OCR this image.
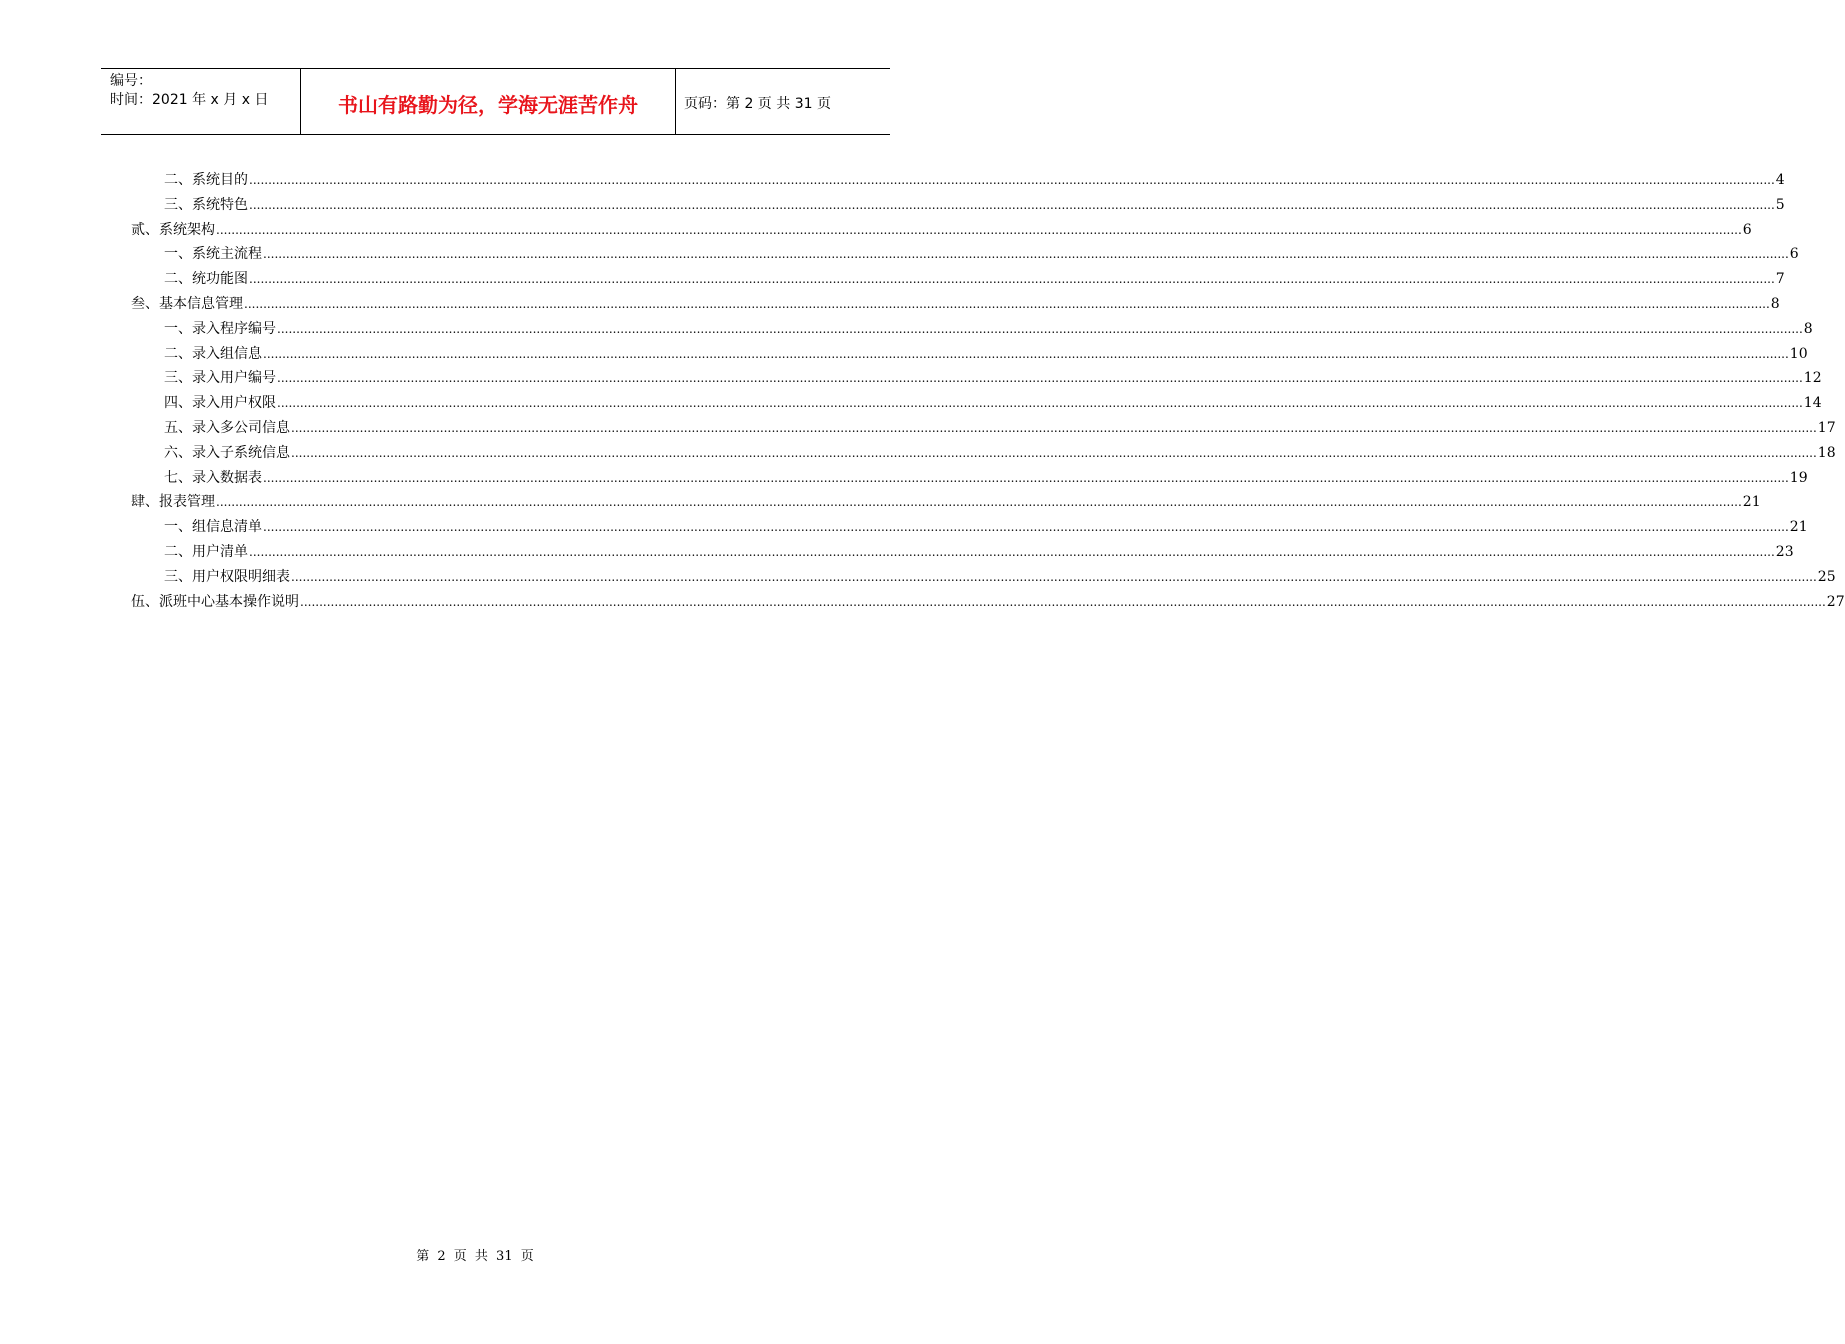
编号：
时间：2021 年 x 月 x 日	书山有路勤为径，学海无涯苦作舟	页码：第 2 页 共 31 页
二、系统目的 ................................................................................................................................................................................................................................................................................................................................................................................................................ 4
三、系统特色 ................................................................................................................................................................................................................................................................................................................................................................................................................ 5
贰、系统架构 ................................................................................................................................................................................................................................................................................................................................................................................................................ 6
一、系统主流程 ................................................................................................................................................................................................................................................................................................................................................................................................................ 6
二、统功能图 ................................................................................................................................................................................................................................................................................................................................................................................................................ 7
叁、基本信息管理 ................................................................................................................................................................................................................................................................................................................................................................................................................ 8
一、录入程序编号 ................................................................................................................................................................................................................................................................................................................................................................................................................ 8
二、录入组信息 ................................................................................................................................................................................................................................................................................................................................................................................................................ 10
三、录入用户编号 ................................................................................................................................................................................................................................................................................................................................................................................................................ 12
四、录入用户权限 ................................................................................................................................................................................................................................................................................................................................................................................................................ 14
五、录入多公司信息 ................................................................................................................................................................................................................................................................................................................................................................................................................ 17
六、录入子系统信息 ................................................................................................................................................................................................................................................................................................................................................................................................................ 18
七、录入数据表 ................................................................................................................................................................................................................................................................................................................................................................................................................ 19
肆、报表管理 ................................................................................................................................................................................................................................................................................................................................................................................................................ 21
一、组信息清单 ................................................................................................................................................................................................................................................................................................................................................................................................................ 21
二、用户清单 ................................................................................................................................................................................................................................................................................................................................................................................................................ 23
三、用户权限明细表 ................................................................................................................................................................................................................................................................................................................................................................................................................ 25
伍、派班中心基本操作说明 ................................................................................................................................................................................................................................................................................................................................................................................................................ 27
第 2 页 共 31 页
